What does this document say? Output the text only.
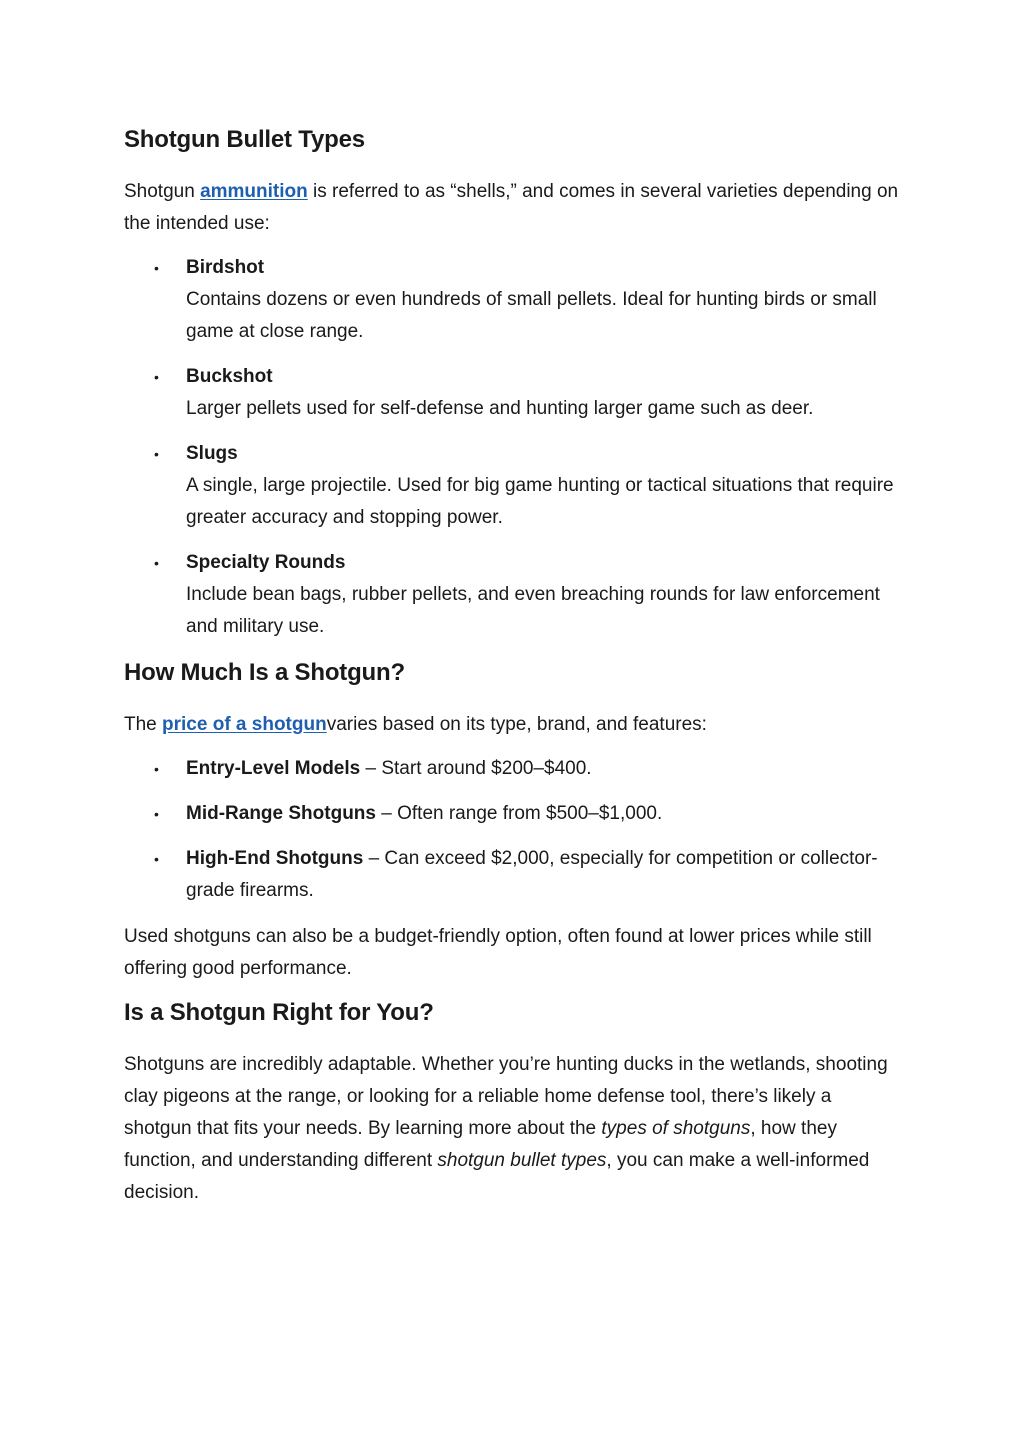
Shotgun Bullet Types

Shotgun ammunition is referred to as “shells,” and comes in several varieties depending on the intended use:

• Birdshot
Contains dozens or even hundreds of small pellets. Ideal for hunting birds or small game at close range.
• Buckshot
Larger pellets used for self-defense and hunting larger game such as deer.
• Slugs
A single, large projectile. Used for big game hunting or tactical situations that require greater accuracy and stopping power.
• Specialty Rounds
Include bean bags, rubber pellets, and even breaching rounds for law enforcement and military use.
How Much Is a Shotgun?

The price of a shotgunvaries based on its type, brand, and features:

• Entry-Level Models – Start around $200–$400.
• Mid-Range Shotguns – Often range from $500–$1,000.
• High-End Shotguns – Can exceed $2,000, especially for competition or collector-grade firearms.

Used shotguns can also be a budget-friendly option, often found at lower prices while still offering good performance.

Is a Shotgun Right for You?

Shotguns are incredibly adaptable. Whether you’re hunting ducks in the wetlands, shooting clay pigeons at the range, or looking for a reliable home defense tool, there’s likely a shotgun that fits your needs. By learning more about the types of shotguns, how they function, and understanding different shotgun bullet types, you can make a well-informed decision.
